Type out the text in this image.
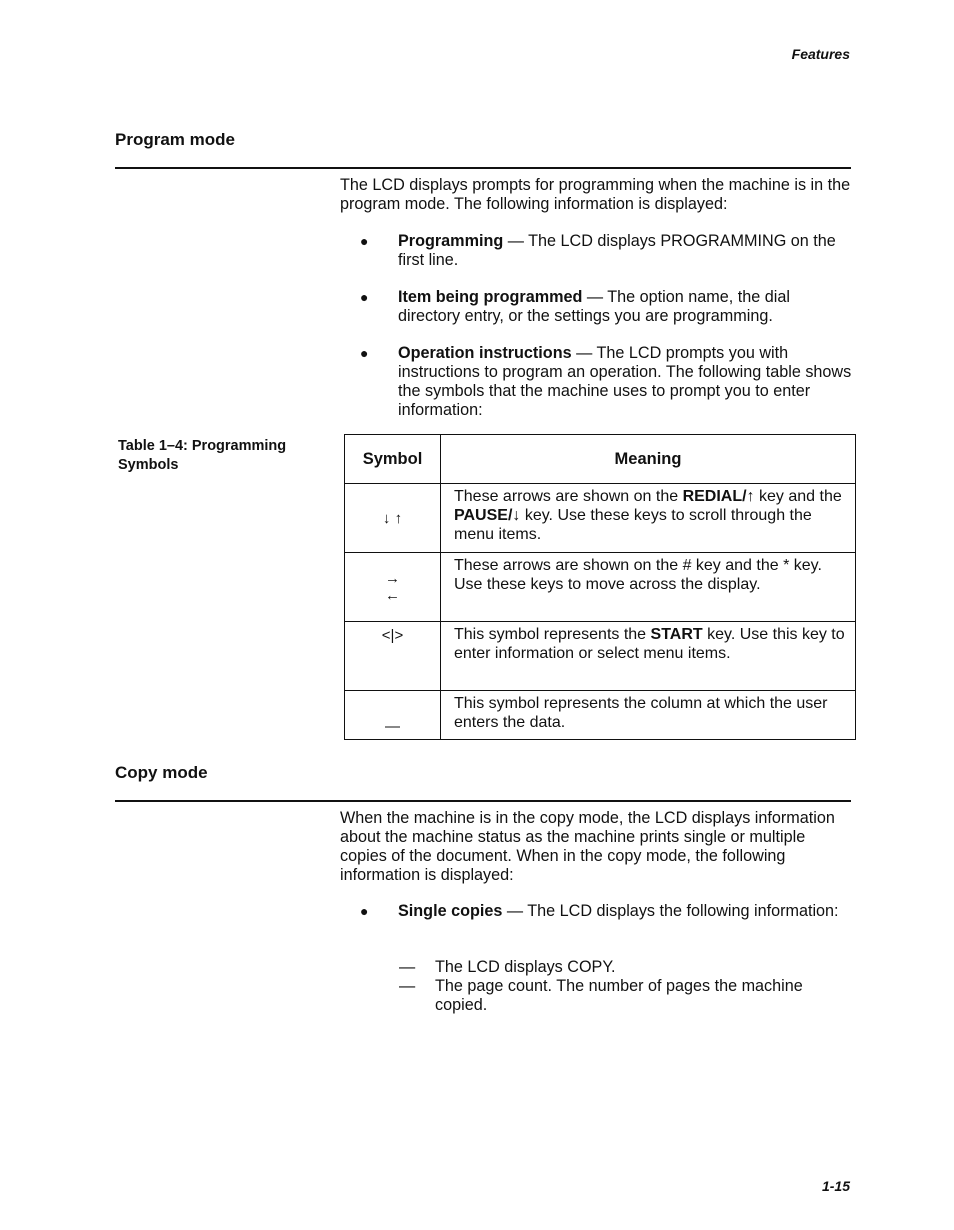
Features
Program mode
The LCD displays prompts for programming when the machine is in the program mode. The following information is displayed:
● Programming — The LCD displays PROGRAMMING on the first line.
● Item being programmed — The option name, the dial directory entry, or the settings you are programming.
● Operation instructions — The LCD prompts you with instructions to program an operation. The following table shows the symbols that the machine uses to prompt you to enter information:
Table 1–4: Programming Symbols	Symbol	Meaning
↓ ↑	These arrows are shown on the REDIAL/↑ key and the PAUSE/↓ key. Use these keys to scroll through the menu items.

→
←	These arrows are shown on the # key and the * key. Use these keys to move across the display.
<|>	This symbol represents the START key. Use this key to enter information or select menu items.
—	This symbol represents the column at which the user enters the data.
Copy mode
When the machine is in the copy mode, the LCD displays information about the machine status as the machine prints single or multiple copies of the document. When in the copy mode, the following information is displayed:
● Single copies — The LCD displays the following information:
— The LCD displays COPY.
— The page count. The number of pages the machine copied.
1-15
